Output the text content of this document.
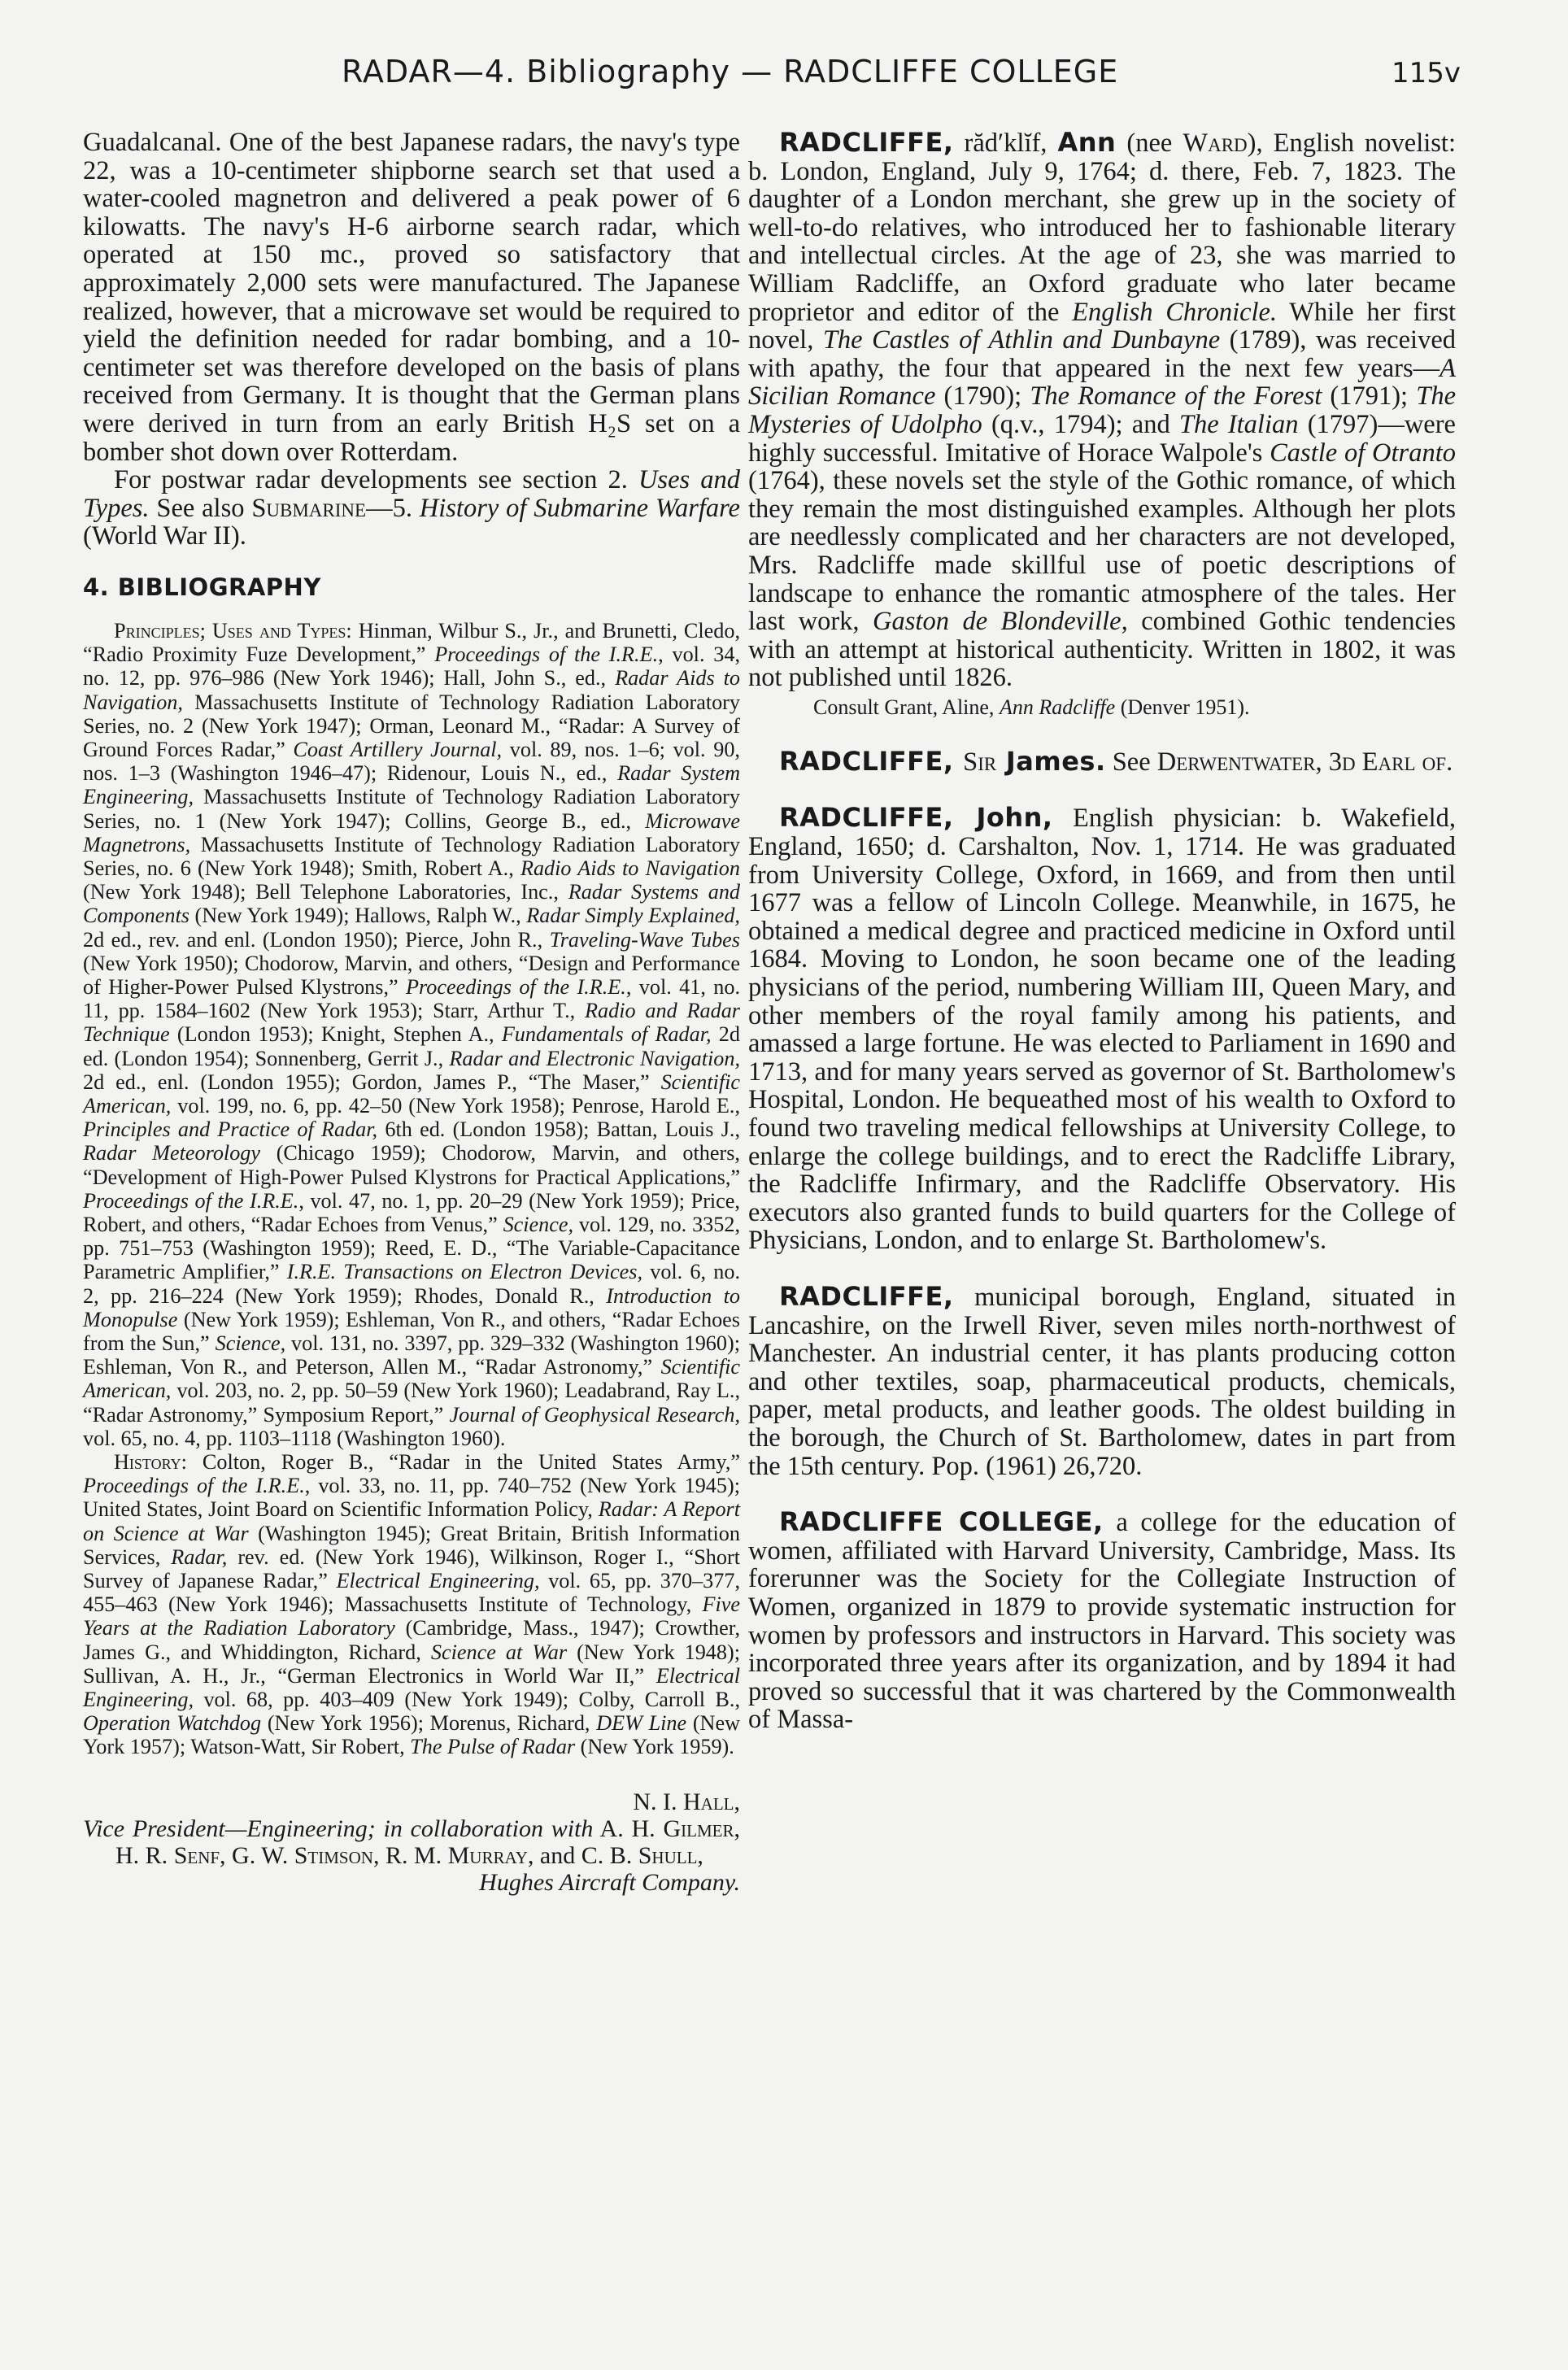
RADAR—4. Bibliography — RADCLIFFE COLLEGE	115v

Guadalcanal. One of the best Japanese radars, the navy's type 22, was a 10-centimeter shipborne search set that used a water-cooled magnetron and delivered a peak power of 6 kilowatts. The navy's H-6 airborne search radar, which operated at 150 mc., proved so satisfactory that approximately 2,000 sets were manufactured. The Japanese realized, however, that a microwave set would be required to yield the definition needed for radar bombing, and a 10-centimeter set was therefore developed on the basis of plans received from Germany. It is thought that the German plans were derived in turn from an early British H₂S set on a bomber shot down over Rotterdam.

For postwar radar developments see section 2. Uses and Types. See also Submarine—5. History of Submarine Warfare (World War II).

4. BIBLIOGRAPHY

Principles; Uses and Types: Hinman, Wilbur S., Jr., and Brunetti, Cledo, “Radio Proximity Fuze Development,” Proceedings of the I.R.E., vol. 34, no. 12, pp. 976–986 (New York 1946); Hall, John S., ed., Radar Aids to Navigation, Massachusetts Institute of Technology Radiation Laboratory Series, no. 2 (New York 1947); Orman, Leonard M., “Radar: A Survey of Ground Forces Radar,” Coast Artillery Journal, vol. 89, nos. 1–6; vol. 90, nos. 1–3 (Washington 1946–47); Ridenour, Louis N., ed., Radar System Engineering, Massachusetts Institute of Technology Radiation Laboratory Series, no. 1 (New York 1947); Collins, George B., ed., Microwave Magnetrons, Massachusetts Institute of Technology Radiation Laboratory Series, no. 6 (New York 1948); Smith, Robert A., Radio Aids to Navigation (New York 1948); Bell Telephone Laboratories, Inc., Radar Systems and Components (New York 1949); Hallows, Ralph W., Radar Simply Explained, 2d ed., rev. and enl. (London 1950); Pierce, John R., Traveling-Wave Tubes (New York 1950); Chodorow, Marvin, and others, “Design and Performance of Higher-Power Pulsed Klystrons,” Proceedings of the I.R.E., vol. 41, no. 11, pp. 1584–1602 (New York 1953); Starr, Arthur T., Radio and Radar Technique (London 1953); Knight, Stephen A., Fundamentals of Radar, 2d ed. (London 1954); Sonnenberg, Gerrit J., Radar and Electronic Navigation, 2d ed., enl. (London 1955); Gordon, James P., “The Maser,” Scientific American, vol. 199, no. 6, pp. 42–50 (New York 1958); Penrose, Harold E., Principles and Practice of Radar, 6th ed. (London 1958); Battan, Louis J., Radar Meteorology (Chicago 1959); Chodorow, Marvin, and others, “Development of High-Power Pulsed Klystrons for Practical Applications,” Proceedings of the I.R.E., vol. 47, no. 1, pp. 20–29 (New York 1959); Price, Robert, and others, “Radar Echoes from Venus,” Science, vol. 129, no. 3352, pp. 751–753 (Washington 1959); Reed, E. D., “The Variable-Capacitance Parametric Amplifier,” I.R.E. Transactions on Electron Devices, vol. 6, no. 2, pp. 216–224 (New York 1959); Rhodes, Donald R., Introduction to Monopulse (New York 1959); Eshleman, Von R., and others, “Radar Echoes from the Sun,” Science, vol. 131, no. 3397, pp. 329–332 (Washington 1960); Eshleman, Von R., and Peterson, Allen M., “Radar Astronomy,” Scientific American, vol. 203, no. 2, pp. 50–59 (New York 1960); Leadabrand, Ray L., “Radar Astronomy,” Symposium Report,” Journal of Geophysical Research, vol. 65, no. 4, pp. 1103–1118 (Washington 1960).

History: Colton, Roger B., “Radar in the United States Army,” Proceedings of the I.R.E., vol. 33, no. 11, pp. 740–752 (New York 1945); United States, Joint Board on Scientific Information Policy, Radar: A Report on Science at War (Washington 1945); Great Britain, British Information Services, Radar, rev. ed. (New York 1946), Wilkinson, Roger I., “Short Survey of Japanese Radar,” Electrical Engineering, vol. 65, pp. 370–377, 455–463 (New York 1946); Massachusetts Institute of Technology, Five Years at the Radiation Laboratory (Cambridge, Mass., 1947); Crowther, James G., and Whiddington, Richard, Science at War (New York 1948); Sullivan, A. H., Jr., “German Electronics in World War II,” Electrical Engineering, vol. 68, pp. 403–409 (New York 1949); Colby, Carroll B., Operation Watchdog (New York 1956); Morenus, Richard, DEW Line (New York 1957); Watson-Watt, Sir Robert, The Pulse of Radar (New York 1959).

N. I. Hall,
Vice President—Engineering; in collaboration with A. H. Gilmer, H. R. Senf, G. W. Stimson, R. M. Murray, and C. B. Shull,
Hughes Aircraft Company.

RADCLIFFE, răd′klĭf, Ann (nee Ward), English novelist: b. London, England, July 9, 1764; d. there, Feb. 7, 1823. The daughter of a London merchant, she grew up in the society of well-to-do relatives, who introduced her to fashionable literary and intellectual circles. At the age of 23, she was married to William Radcliffe, an Oxford graduate who later became proprietor and editor of the English Chronicle. While her first novel, The Castles of Athlin and Dunbayne (1789), was received with apathy, the four that appeared in the next few years—A Sicilian Romance (1790); The Romance of the Forest (1791); The Mysteries of Udolpho (q.v., 1794); and The Italian (1797)—were highly successful. Imitative of Horace Walpole's Castle of Otranto (1764), these novels set the style of the Gothic romance, of which they remain the most distinguished examples. Although her plots are needlessly complicated and her characters are not developed, Mrs. Radcliffe made skillful use of poetic descriptions of landscape to enhance the romantic atmosphere of the tales. Her last work, Gaston de Blondeville, combined Gothic tendencies with an attempt at historical authenticity. Written in 1802, it was not published until 1826.

Consult Grant, Aline, Ann Radcliffe (Denver 1951).

RADCLIFFE, Sir James. See Derwentwater, 3d Earl of.

RADCLIFFE, John, English physician: b. Wakefield, England, 1650; d. Carshalton, Nov. 1, 1714. He was graduated from University College, Oxford, in 1669, and from then until 1677 was a fellow of Lincoln College. Meanwhile, in 1675, he obtained a medical degree and practiced medicine in Oxford until 1684. Moving to London, he soon became one of the leading physicians of the period, numbering William III, Queen Mary, and other members of the royal family among his patients, and amassed a large fortune. He was elected to Parliament in 1690 and 1713, and for many years served as governor of St. Bartholomew's Hospital, London. He bequeathed most of his wealth to Oxford to found two traveling medical fellowships at University College, to enlarge the college buildings, and to erect the Radcliffe Library, the Radcliffe Infirmary, and the Radcliffe Observatory. His executors also granted funds to build quarters for the College of Physicians, London, and to enlarge St. Bartholomew's.

RADCLIFFE, municipal borough, England, situated in Lancashire, on the Irwell River, seven miles north-northwest of Manchester. An industrial center, it has plants producing cotton and other textiles, soap, pharmaceutical products, chemicals, paper, metal products, and leather goods. The oldest building in the borough, the Church of St. Bartholomew, dates in part from the 15th century. Pop. (1961) 26,720.

RADCLIFFE COLLEGE, a college for the education of women, affiliated with Harvard University, Cambridge, Mass. Its forerunner was the Society for the Collegiate Instruction of Women, organized in 1879 to provide systematic instruction for women by professors and instructors in Harvard. This society was incorporated three years after its organization, and by 1894 it had proved so successful that it was chartered by the Commonwealth of Massa-
